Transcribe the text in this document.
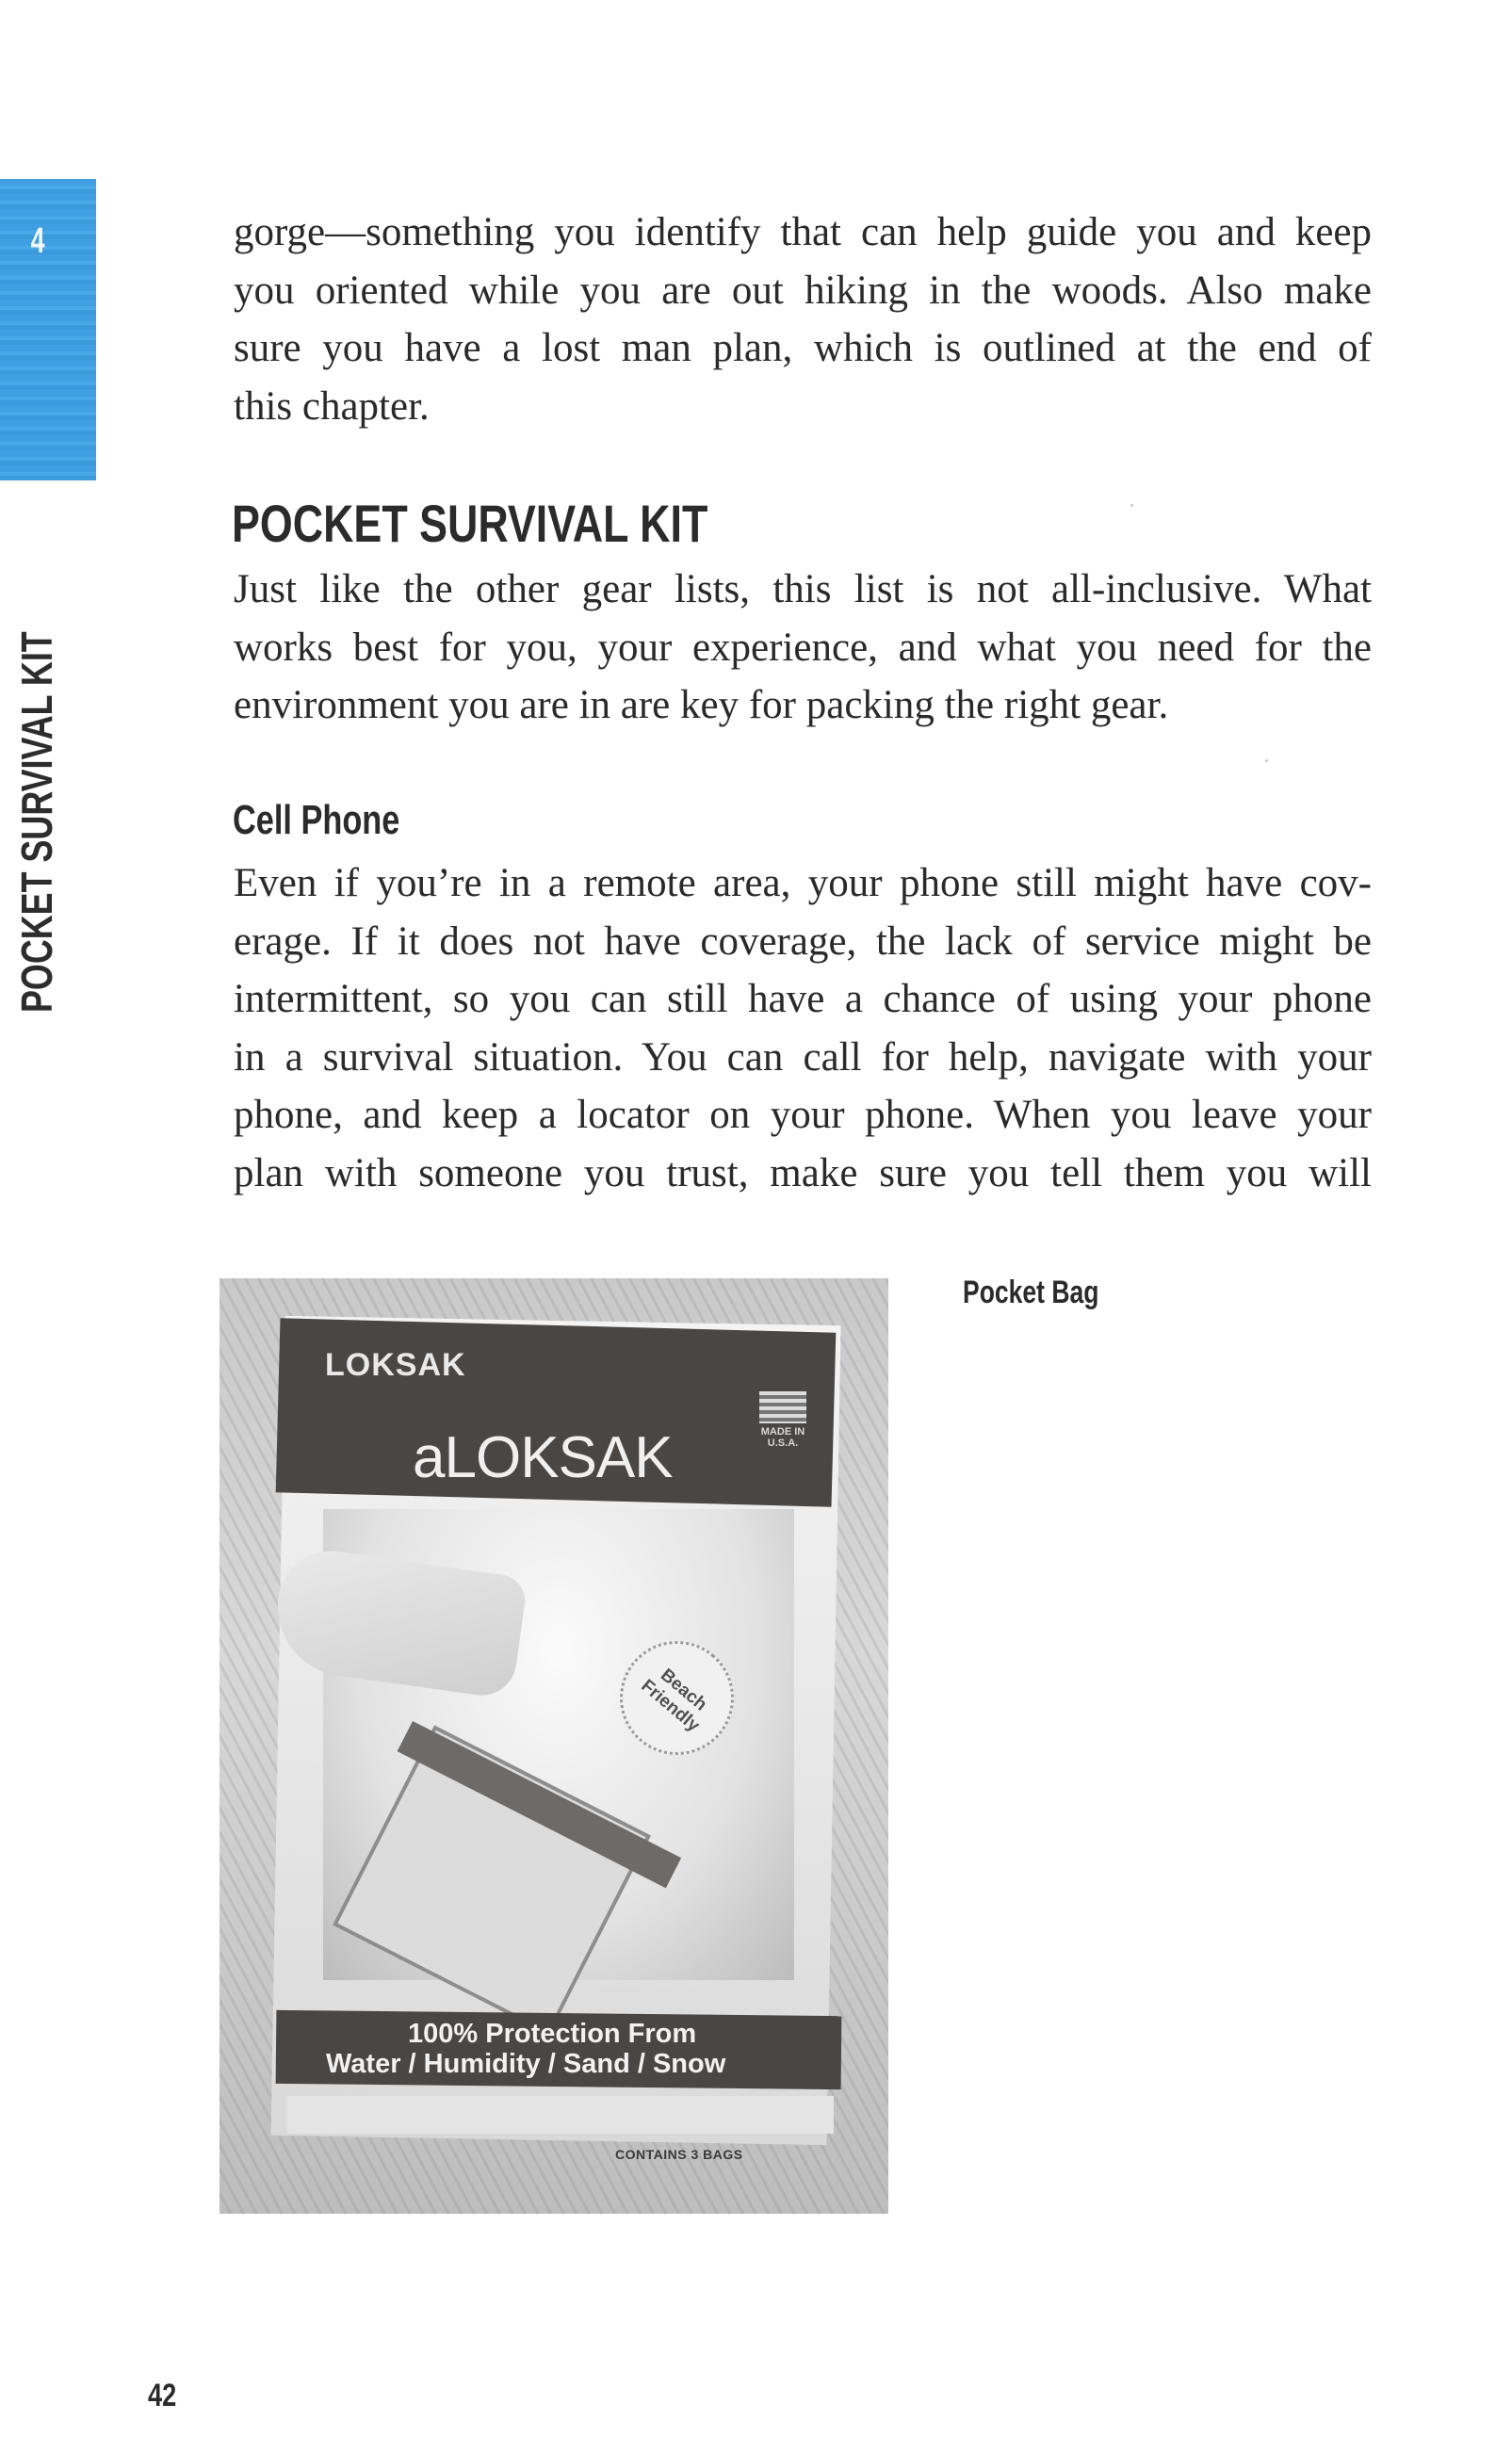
4
POCKET SURVIVAL KIT
gorge—something you identify that can help guide you and keep
you oriented while you are out hiking in the woods. Also make
sure you have a lost man plan, which is outlined at the end of
this chapter.
POCKET SURVIVAL KIT
Just like the other gear lists, this list is not all-inclusive. What
works best for you, your experience, and what you need for the
environment you are in are key for packing the right gear.
Cell Phone
Even if you’re in a remote area, your phone still might have cov-
erage. If it does not have coverage, the lack of service might be
intermittent, so you can still have a chance of using your phone
in a survival situation. You can call for help, navigate with your
phone, and keep a locator on your phone. When you leave your
plan with someone you trust, make sure you tell them you will
LOKSAK
aLOKSAK	MADE IN U.S.A.
Beach Friendly
100% Protection From
Water / Humidity / Sand / Snow
CONTAINS 3 BAGS
Pocket Bag
42
